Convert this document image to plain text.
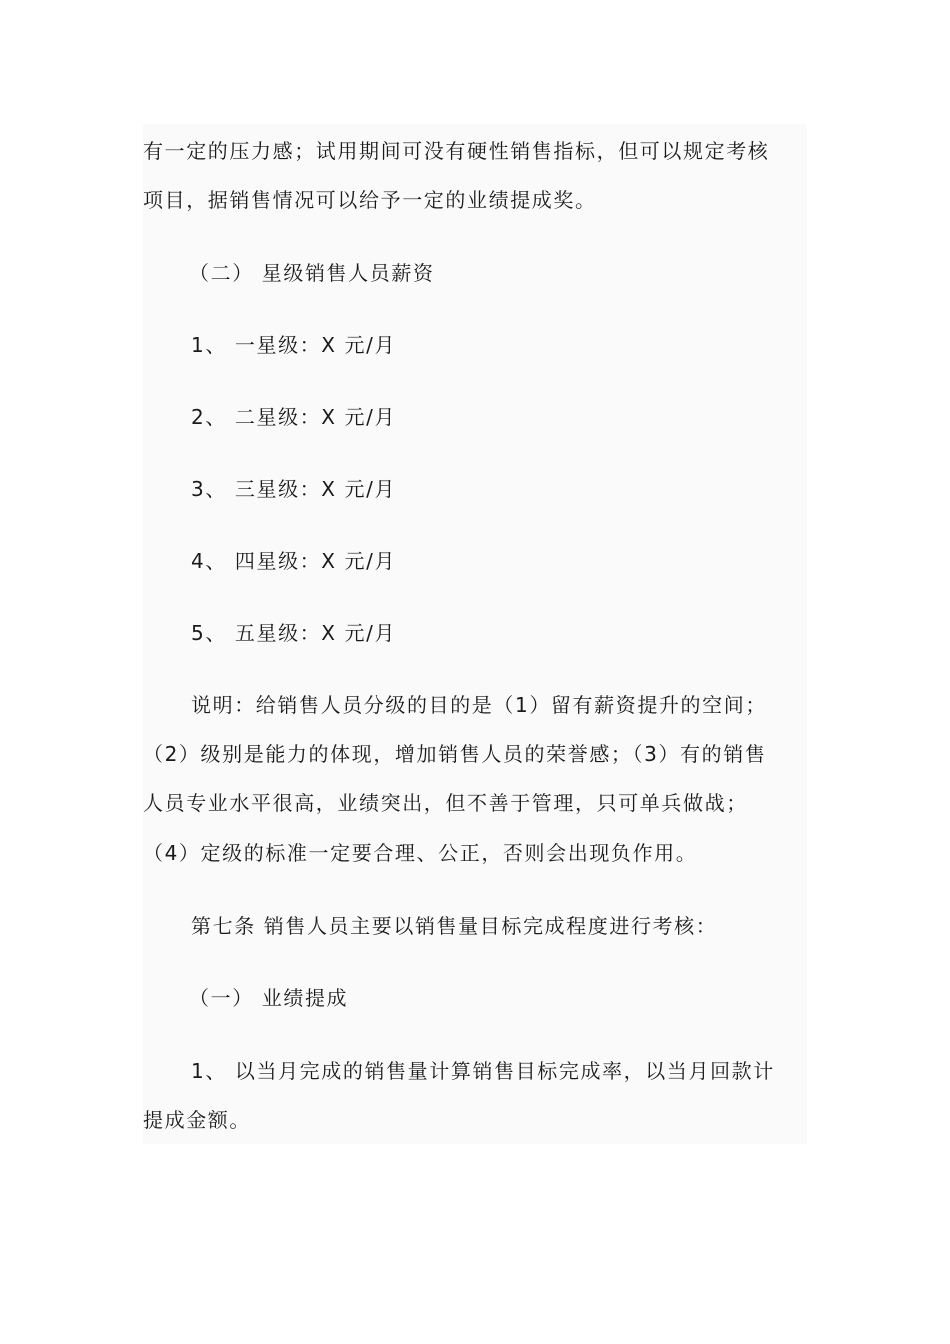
有一定的压力感；试用期间可没有硬性销售指标，但可以规定考核
项目，据销售情况可以给予一定的业绩提成奖。
（二） 星级销售人员薪资
1、 一星级：X 元/月
2、 二星级：X 元/月
3、 三星级：X 元/月
4、 四星级：X 元/月
5、 五星级：X 元/月
说明：给销售人员分级的目的是（1）留有薪资提升的空间；
（2）级别是能力的体现，增加销售人员的荣誉感；（3）有的销售
人员专业水平很高，业绩突出，但不善于管理，只可单兵做战；
（4）定级的标准一定要合理、公正，否则会出现负作用。
第七条 销售人员主要以销售量目标完成程度进行考核：
（一） 业绩提成
1、 以当月完成的销售量计算销售目标完成率，以当月回款计
提成金额。
